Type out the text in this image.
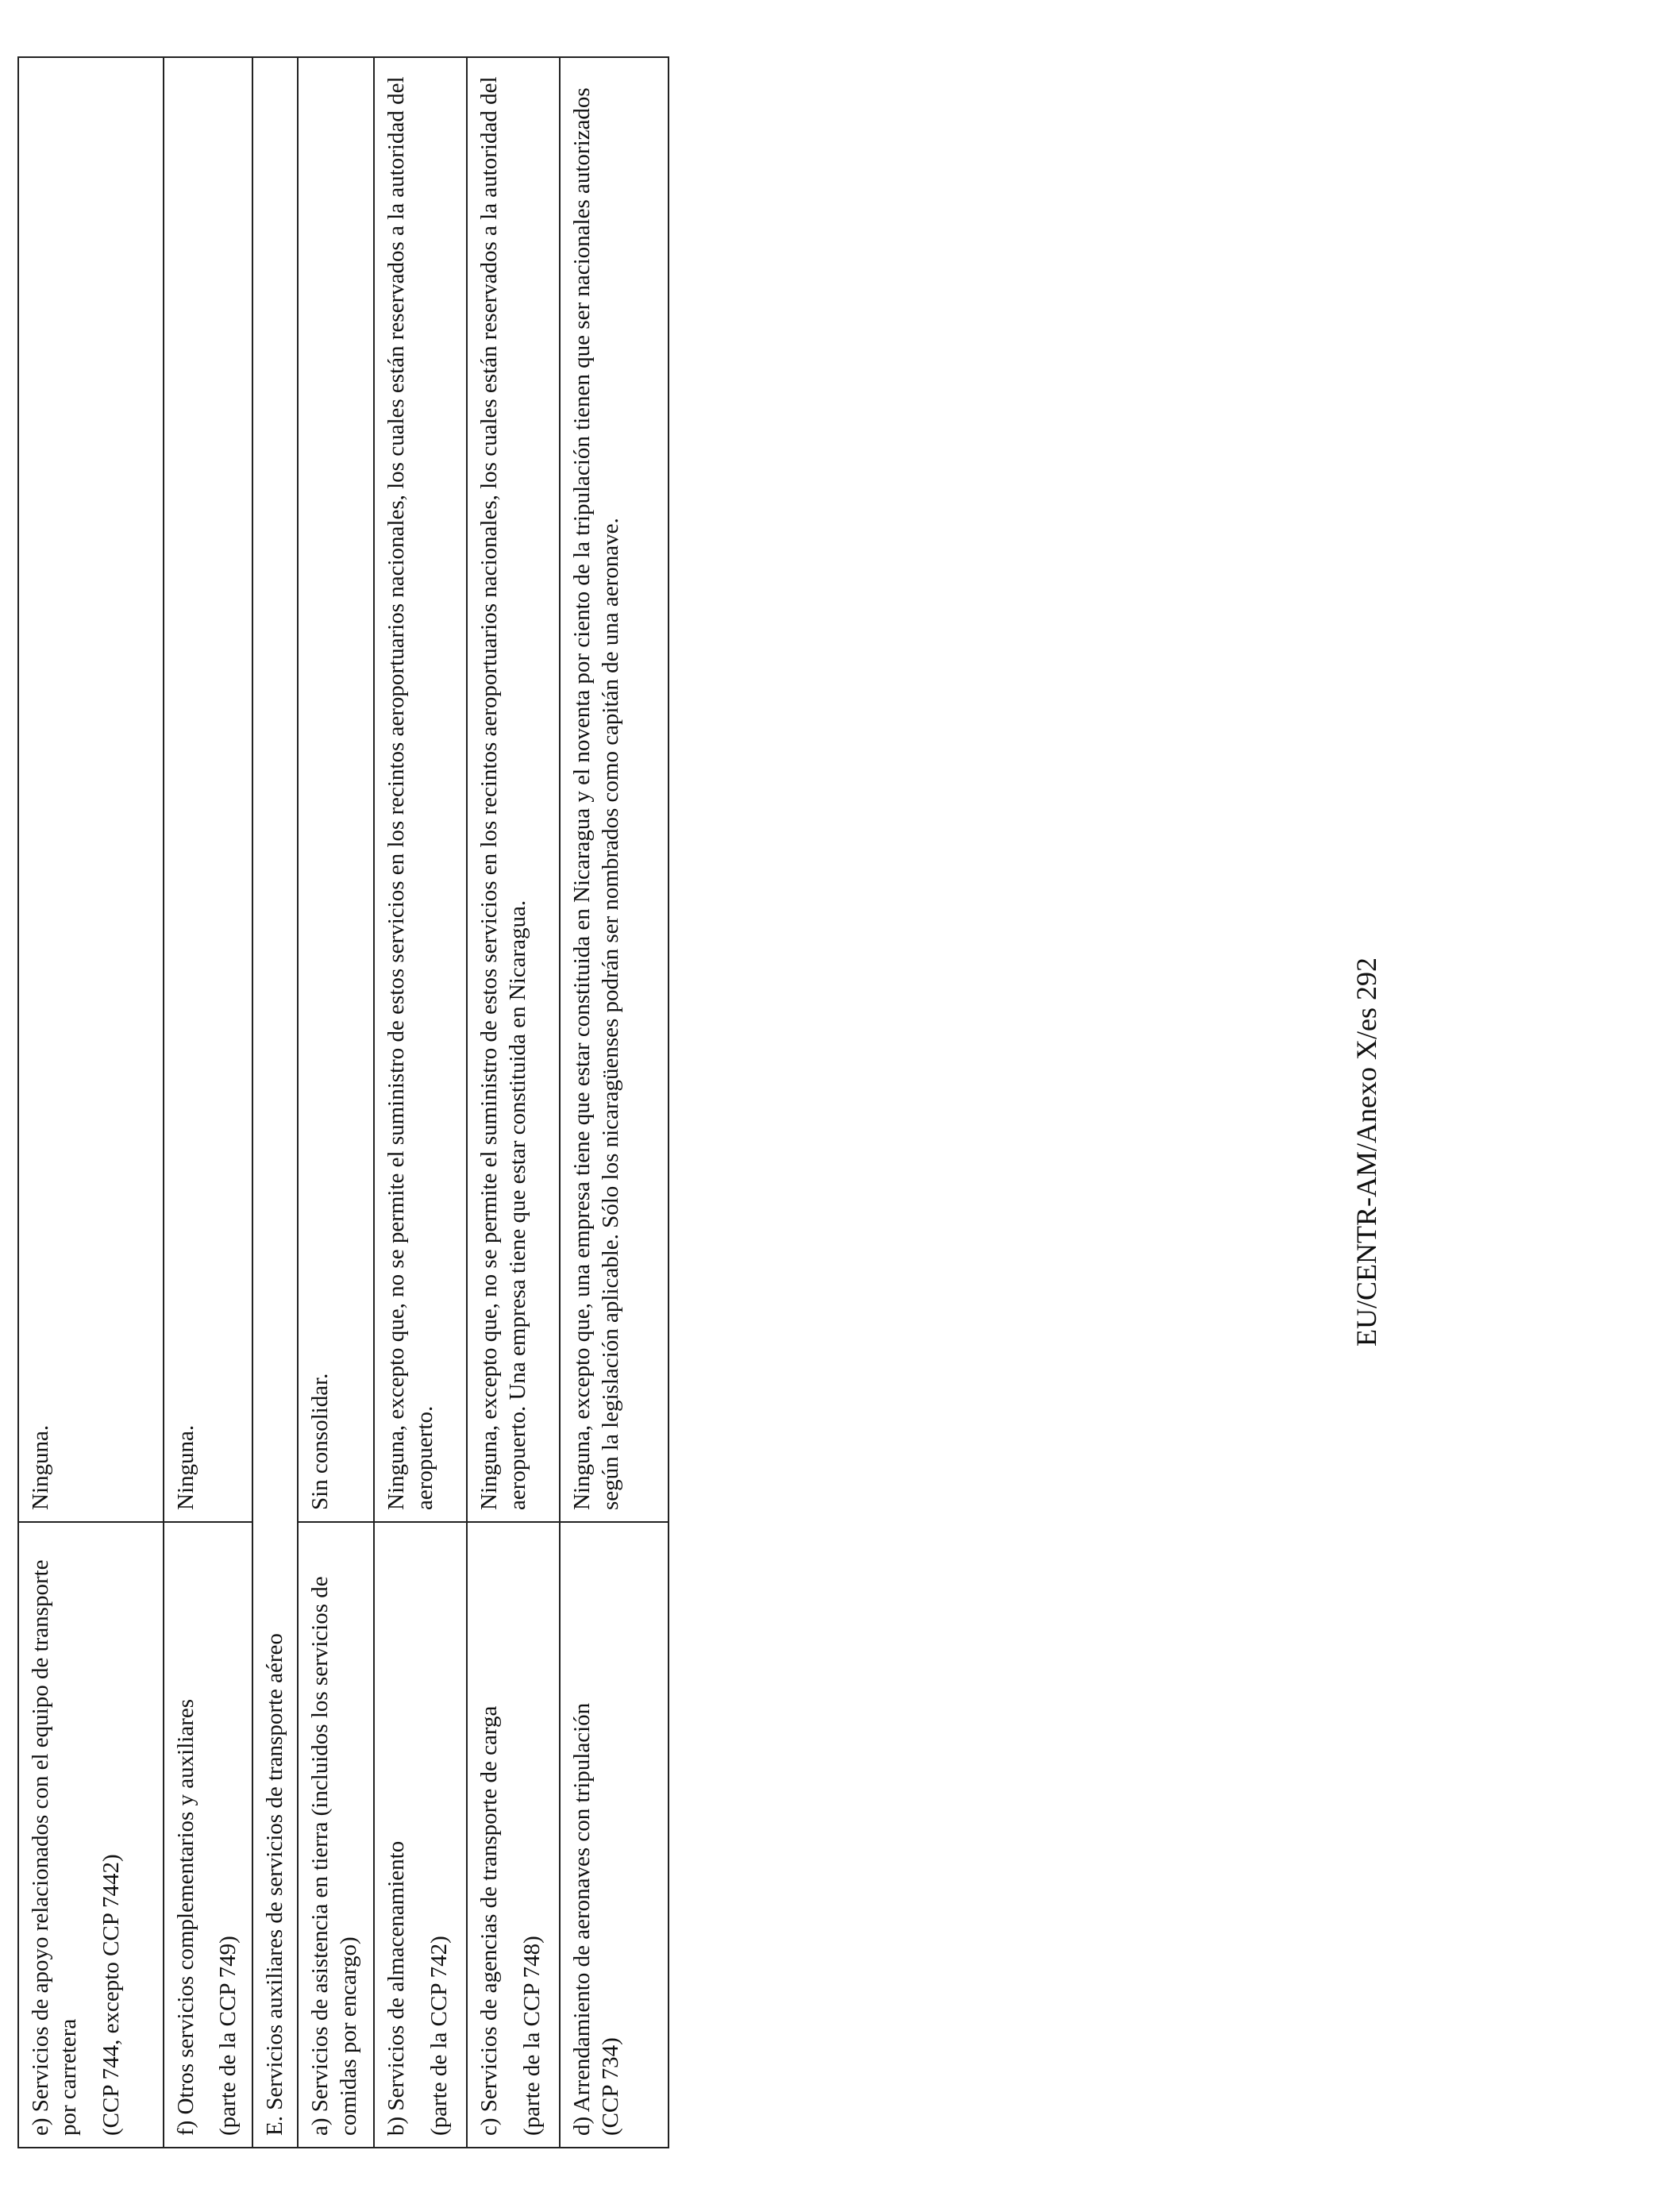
e) Servicios de apoyo relacionados con el equipo de transporte por carretera (CCP 744, excepto CCP 7442)	Ninguna.

f) Otros servicios complementarios y auxiliares (parte de la CCP 749)	Ninguna.
E. Servicios auxiliares de servicios de transporte aéreo	

a) Servicios de asistencia en tierra (incluidos los servicios de comidas por encargo)	Sin consolidar.

b) Servicios de almacenamiento (parte de la CCP 742)	Ninguna, excepto que, no se permite el suministro de estos servicios en los recintos aeroportuarios nacionales, los cuales están reservados a la autoridad del aeropuerto.

c) Servicios de agencias de transporte de carga (parte de la CCP 748)	Ninguna, excepto que, no se permite el suministro de estos servicios en los recintos aeroportuarios nacionales, los cuales están reservados a la autoridad del aeropuerto. Una empresa tiene que estar constituida en Nicaragua.

d) Arrendamiento de aeronaves con tripulación (CCP 734)	Ninguna, excepto que, una empresa tiene que estar constituida en Nicaragua y el noventa por ciento de la tripulación tienen que ser nacionales autorizados según la legislación aplicable. Sólo los nicaragüenses podrán ser nombrados como capitán de una aeronave.	EU/CENTR-AM/Anexo X/es 292
